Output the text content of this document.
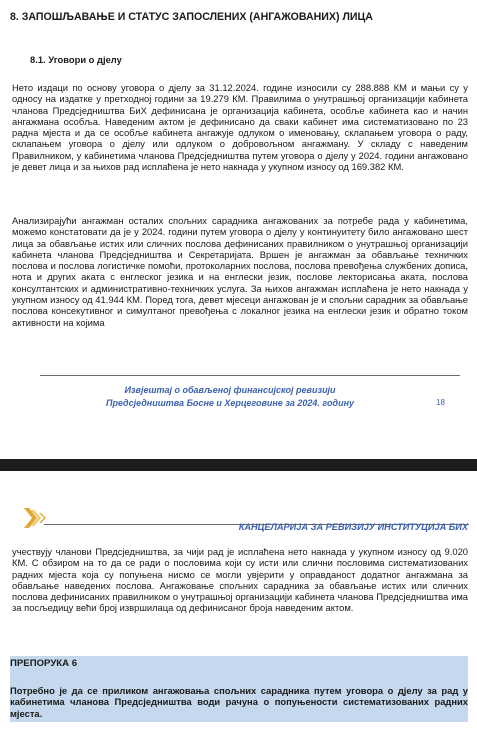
8. ЗАПОШЉАВАЊЕ И СТАТУС ЗАПОСЛЕНИХ (АНГАЖОВАНИХ) ЛИЦА
8.1. Уговори о дјелу

Нето издаци по основу уговора о дјелу за 31.12.2024. године износили су 288.888 КМ и мањи су у односу на издатке у претходној години за 19.279 КМ. Правилима о унутрашњој организацији кабинета чланова Предсједништва БиХ дефинисана је организација кабинета, особље кабинета као и начин ангажмана особља. Наведеним актом је дефинисано да сваки кабинет има систематизовано по 23 радна мјеста и да се особље кабинета ангажује одлуком о именовању, склапањем уговора о раду, склапањем уговора о дјелу или одлуком о добровољном ангажману. У складу с наведеним Правилником, у кабинетима чланова Предсједништва путем уговора о дјелу у 2024. години ангажовано је девет лица и за њихов рад исплаћена је нето накнада у укупном износу од 169.382 КМ.

Анализирајући ангажман осталих спољних сарадника ангажованих за потребе рада у кабинетима, можемо констатовати да је у 2024. години путем уговора о дјелу у континуитету било ангажовано шест лица за обављање истих или сличних послова дефинисаних правилником о унутрашњој организацији кабинета чланова Предсједништва и Секретаријата. Вршен је ангажман за обављање техничких послова и послова логистичке помоћи, протоколарних послова, послова превођења службених дописа, нота и других аката с енглеског језика и на енглески језик, послове лекторисања аката, послова консултантских и административно-техничких услуга. За њихов ангажман исплаћена је нето накнада у укупном износу од 41.944 КМ. Поред тога, девет мјесеци ангажован је и спољни сарадник за обављање послова консекутивног и симултаног превођења с локалног језика на енглески језик и обратно током активности на којима

Извјештај о обављеној финансијској ревизији
Предсједништва Босне и Херцеговине за 2024. годину	18
КАНЦЕЛАРИЈА ЗА РЕВИЗИЈУ ИНСТИТУЦИЈА БИХ

учествују чланови Предсједништва, за чији рад је исплаћена нето накнада у укупном износу од 9.020 КМ. С обзиром на то да се ради о пословима који су исти или слични пословима систематизованих радних мјеста која су попуњена нисмо се могли увјерити у оправданост додатног ангажмана за обављање наведених послова. Ангажовање спољних сарадника за обављање истих или сличних послова дефинисаних правилником о унутрашњој организацији кабинета чланова Предсједништва има за посљедицу већи број извршилаца од дефинисаног броја наведеним актом.

ПРЕПОРУКА 6

Потребно је да се приликом ангажовања спољних сарадника путем уговора о дјелу за рад у кабинетима чланова Предсједништва води рачуна о попуњености систематизованих радних мјеста.
